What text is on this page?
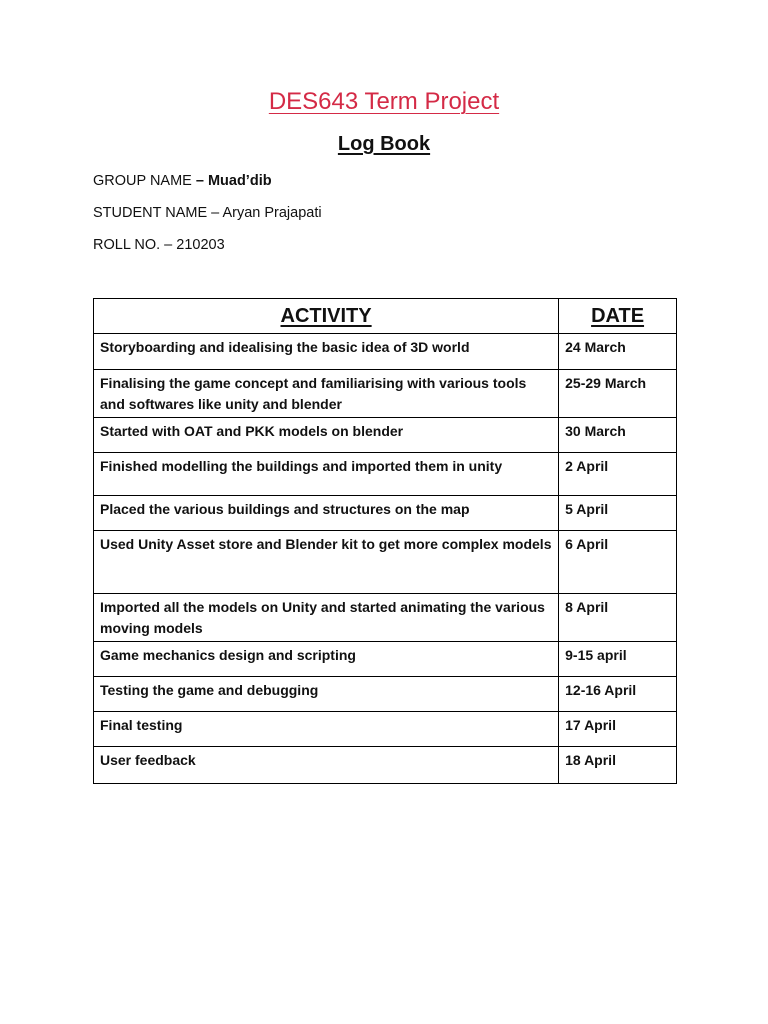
DES643 Term Project
Log Book
GROUP NAME – Muad’dib
STUDENT NAME – Aryan Prajapati
ROLL NO. – 210203
ACTIVITY	DATE
Storyboarding and idealising the basic idea of 3D world	24 March
Finalising the game concept and familiarising with various tools and softwares like unity and blender	25-29 March
Started with OAT and PKK models on blender	30 March
Finished modelling the buildings and imported them in unity	2 April
Placed the various buildings and structures on the map	5 April
Used Unity Asset store and Blender kit to get more complex models	6 April
Imported all the models on Unity and started animating the various moving models	8 April
Game mechanics design and scripting	9-15 april
Testing the game and debugging	12-16 April
Final testing	17 April
User feedback	18 April
